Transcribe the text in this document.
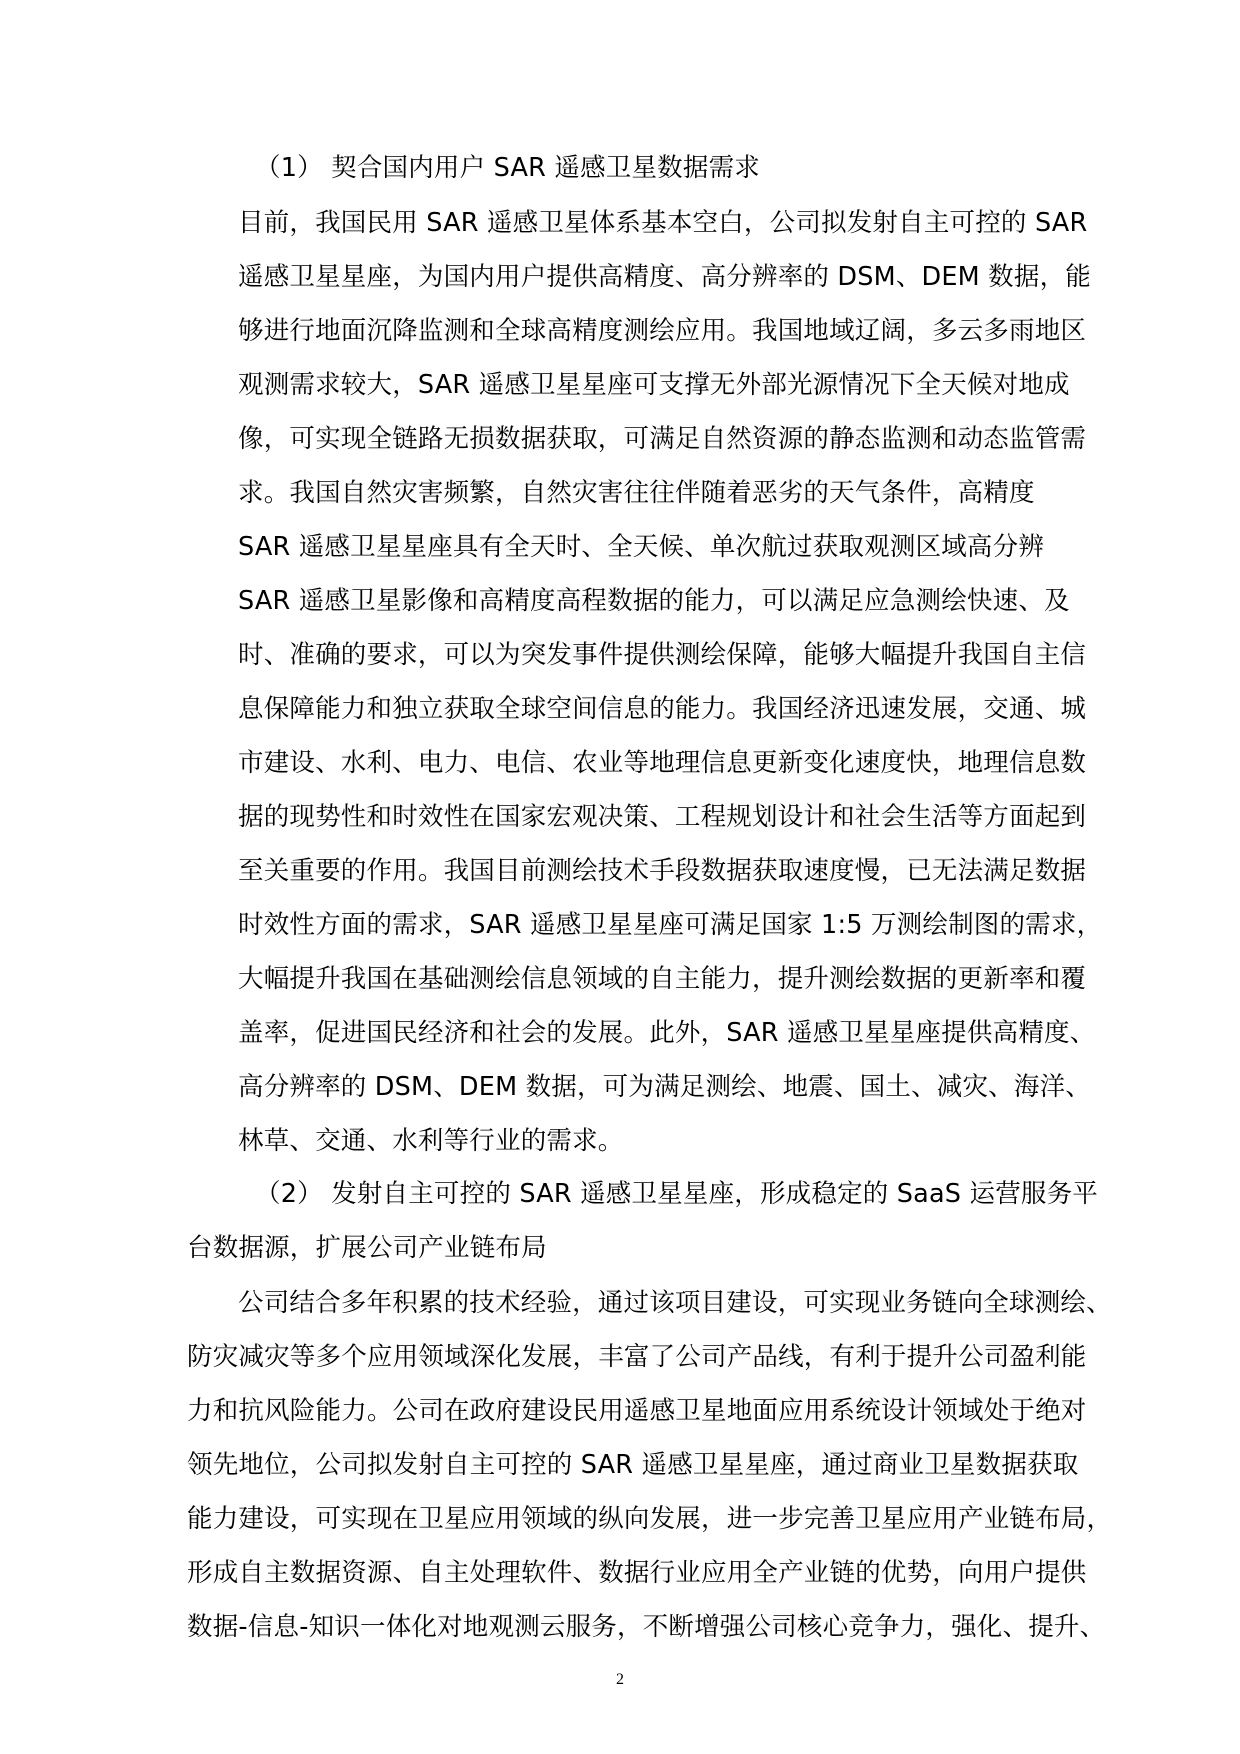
（1） 契合国内用户 SAR 遥感卫星数据需求
目前，我国民用 SAR 遥感卫星体系基本空白，公司拟发射自主可控的 SAR
遥感卫星星座，为国内用户提供高精度、高分辨率的 DSM、DEM 数据，能
够进行地面沉降监测和全球高精度测绘应用。我国地域辽阔，多云多雨地区
观测需求较大，SAR 遥感卫星星座可支撑无外部光源情况下全天候对地成
像，可实现全链路无损数据获取，可满足自然资源的静态监测和动态监管需
求。我国自然灾害频繁，自然灾害往往伴随着恶劣的天气条件，高精度
SAR 遥感卫星星座具有全天时、全天候、单次航过获取观测区域高分辨
SAR 遥感卫星影像和高精度高程数据的能力，可以满足应急测绘快速、及
时、准确的要求，可以为突发事件提供测绘保障，能够大幅提升我国自主信
息保障能力和独立获取全球空间信息的能力。我国经济迅速发展，交通、城
市建设、水利、电力、电信、农业等地理信息更新变化速度快，地理信息数
据的现势性和时效性在国家宏观决策、工程规划设计和社会生活等方面起到
至关重要的作用。我国目前测绘技术手段数据获取速度慢，已无法满足数据
时效性方面的需求，SAR 遥感卫星星座可满足国家 1:5 万测绘制图的需求，
大幅提升我国在基础测绘信息领域的自主能力，提升测绘数据的更新率和覆
盖率，促进国民经济和社会的发展。此外，SAR 遥感卫星星座提供高精度、
高分辨率的 DSM、DEM 数据，可为满足测绘、地震、国土、减灾、海洋、
林草、交通、水利等行业的需求。
（2） 发射自主可控的 SAR 遥感卫星星座，形成稳定的 SaaS 运营服务平
台数据源，扩展公司产业链布局
公司结合多年积累的技术经验，通过该项目建设，可实现业务链向全球测绘、
防灾减灾等多个应用领域深化发展，丰富了公司产品线，有利于提升公司盈利能
力和抗风险能力。公司在政府建设民用遥感卫星地面应用系统设计领域处于绝对
领先地位，公司拟发射自主可控的 SAR 遥感卫星星座，通过商业卫星数据获取
能力建设，可实现在卫星应用领域的纵向发展，进一步完善卫星应用产业链布局，
形成自主数据资源、自主处理软件、数据行业应用全产业链的优势，向用户提供
数据-信息-知识一体化对地观测云服务，不断增强公司核心竞争力，强化、提升、
2
